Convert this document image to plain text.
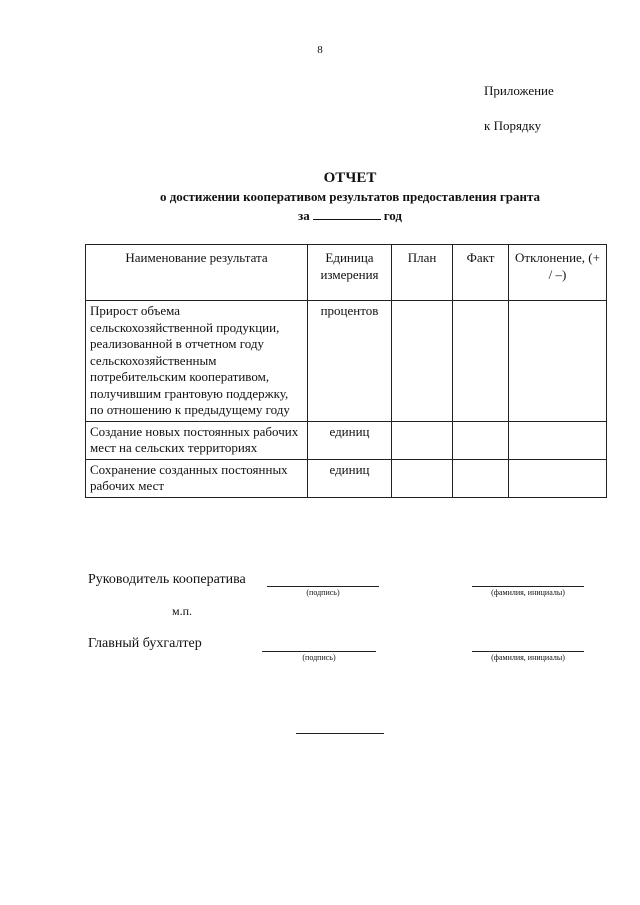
8
Приложение
к Порядку
ОТЧЕТ
о достижении кооперативом результатов предоставления гранта
за	год
Наименование результата	Единица измерения	План	Факт	Отклонение, (+ / –)
Прирост объема сельскохозяйственной продукции, реализованной в отчетном году сельскохозяйственным потребительским кооперативом, получившим грантовую поддержку, по отношению к предыдущему году	процентов			
Создание новых постоянных рабочих мест на сельских территориях	единиц			
Сохранение созданных постоянных рабочих мест	единиц			
Руководитель кооператива
(подпись)	(фамилия, инициалы)
м.п.
Главный бухгалтер
(подпись)	(фамилия, инициалы)
